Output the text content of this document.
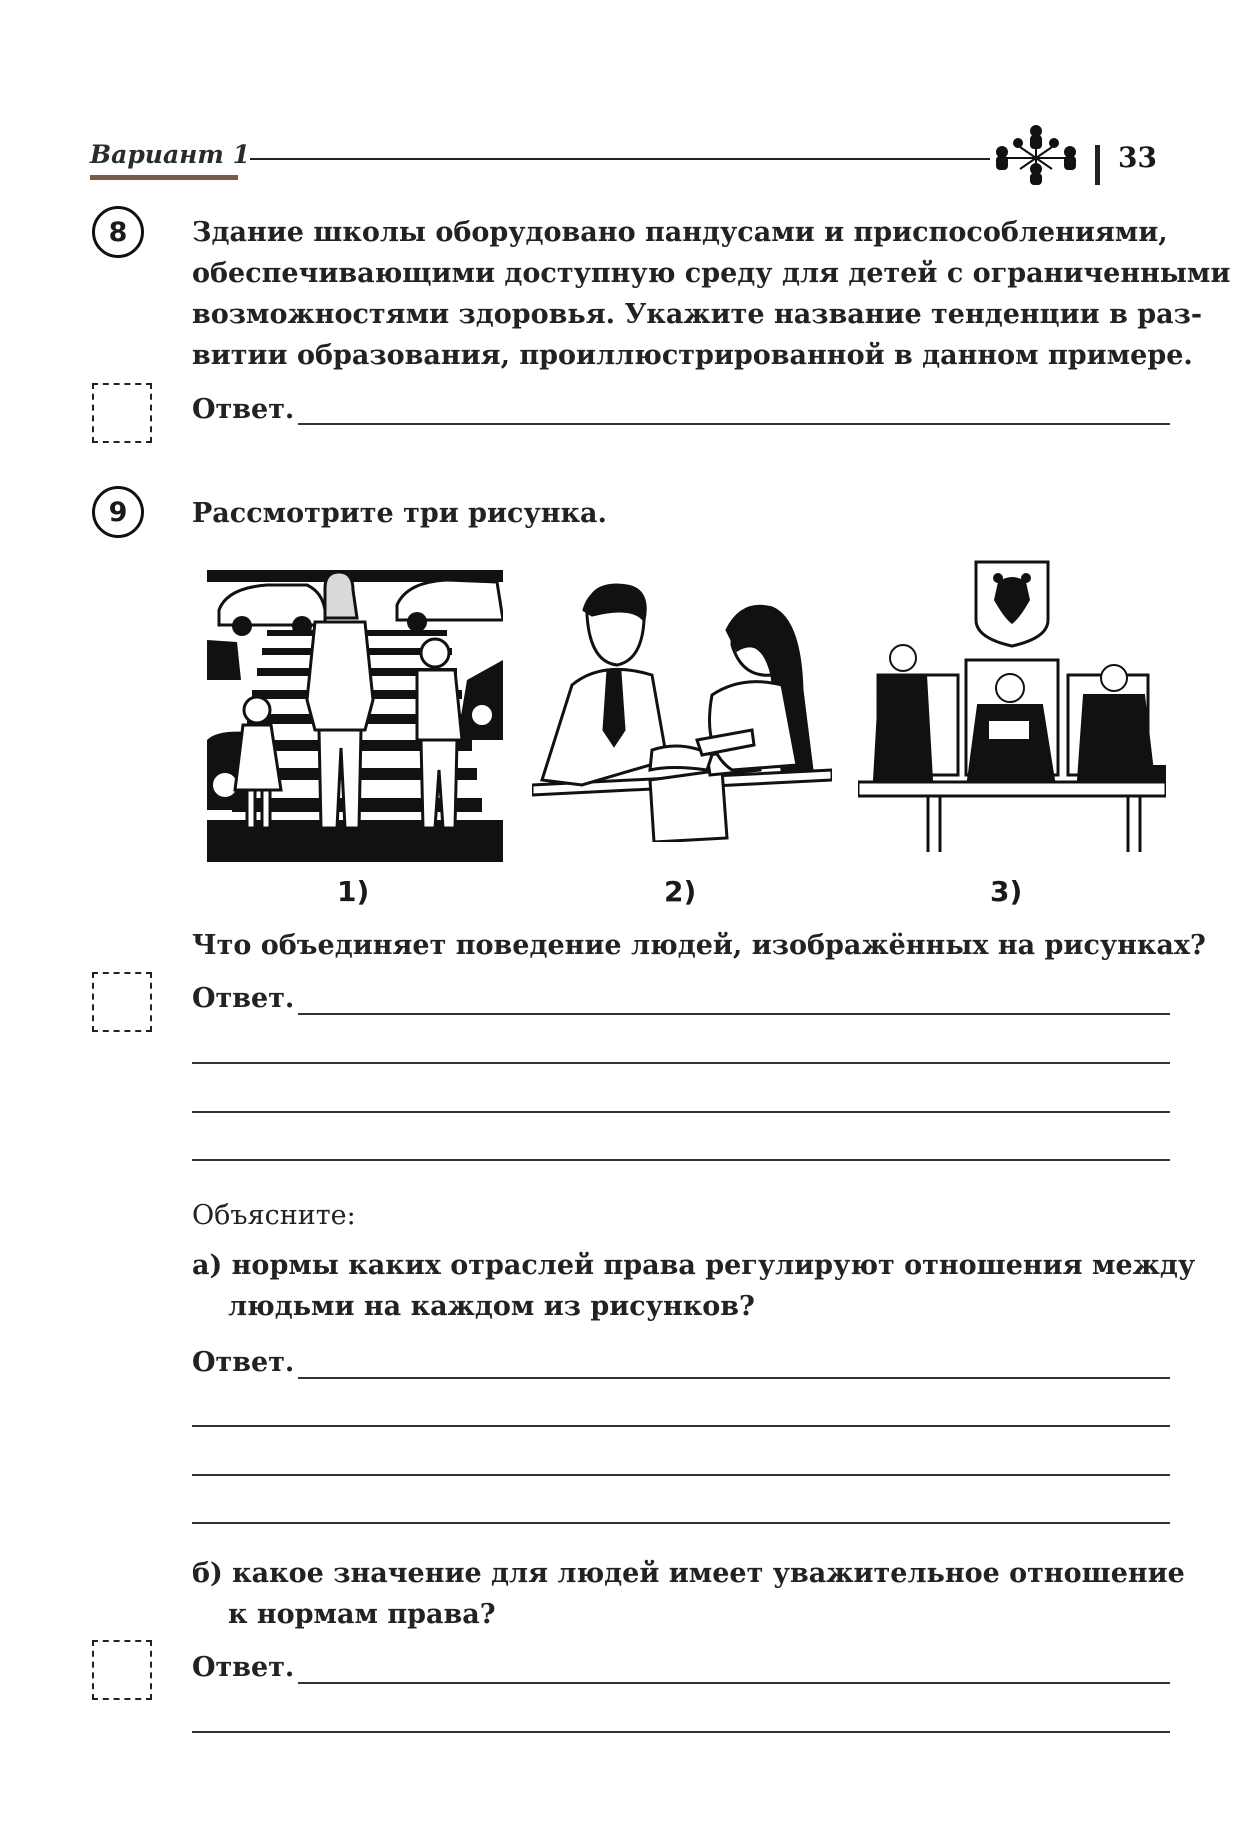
Вариант 1	33
8	Здание школы оборудовано пандусами и приспособлениями,
обеспечивающими доступную среду для детей с ограниченными
возможностями здоровья. Укажите название тенденции в раз-
витии образования, проиллюстрированной в данном примере.
Ответ.
9	Рассмотрите три рисунка.
1)	2)	3)
Что объединяет поведение людей, изображённых на рисунках?
Ответ.
Объясните:
а) нормы каких отраслей права регулируют отношения между
людьми на каждом из рисунков?
Ответ.
б) какое значение для людей имеет уважительное отношение
к нормам права?
Ответ.
